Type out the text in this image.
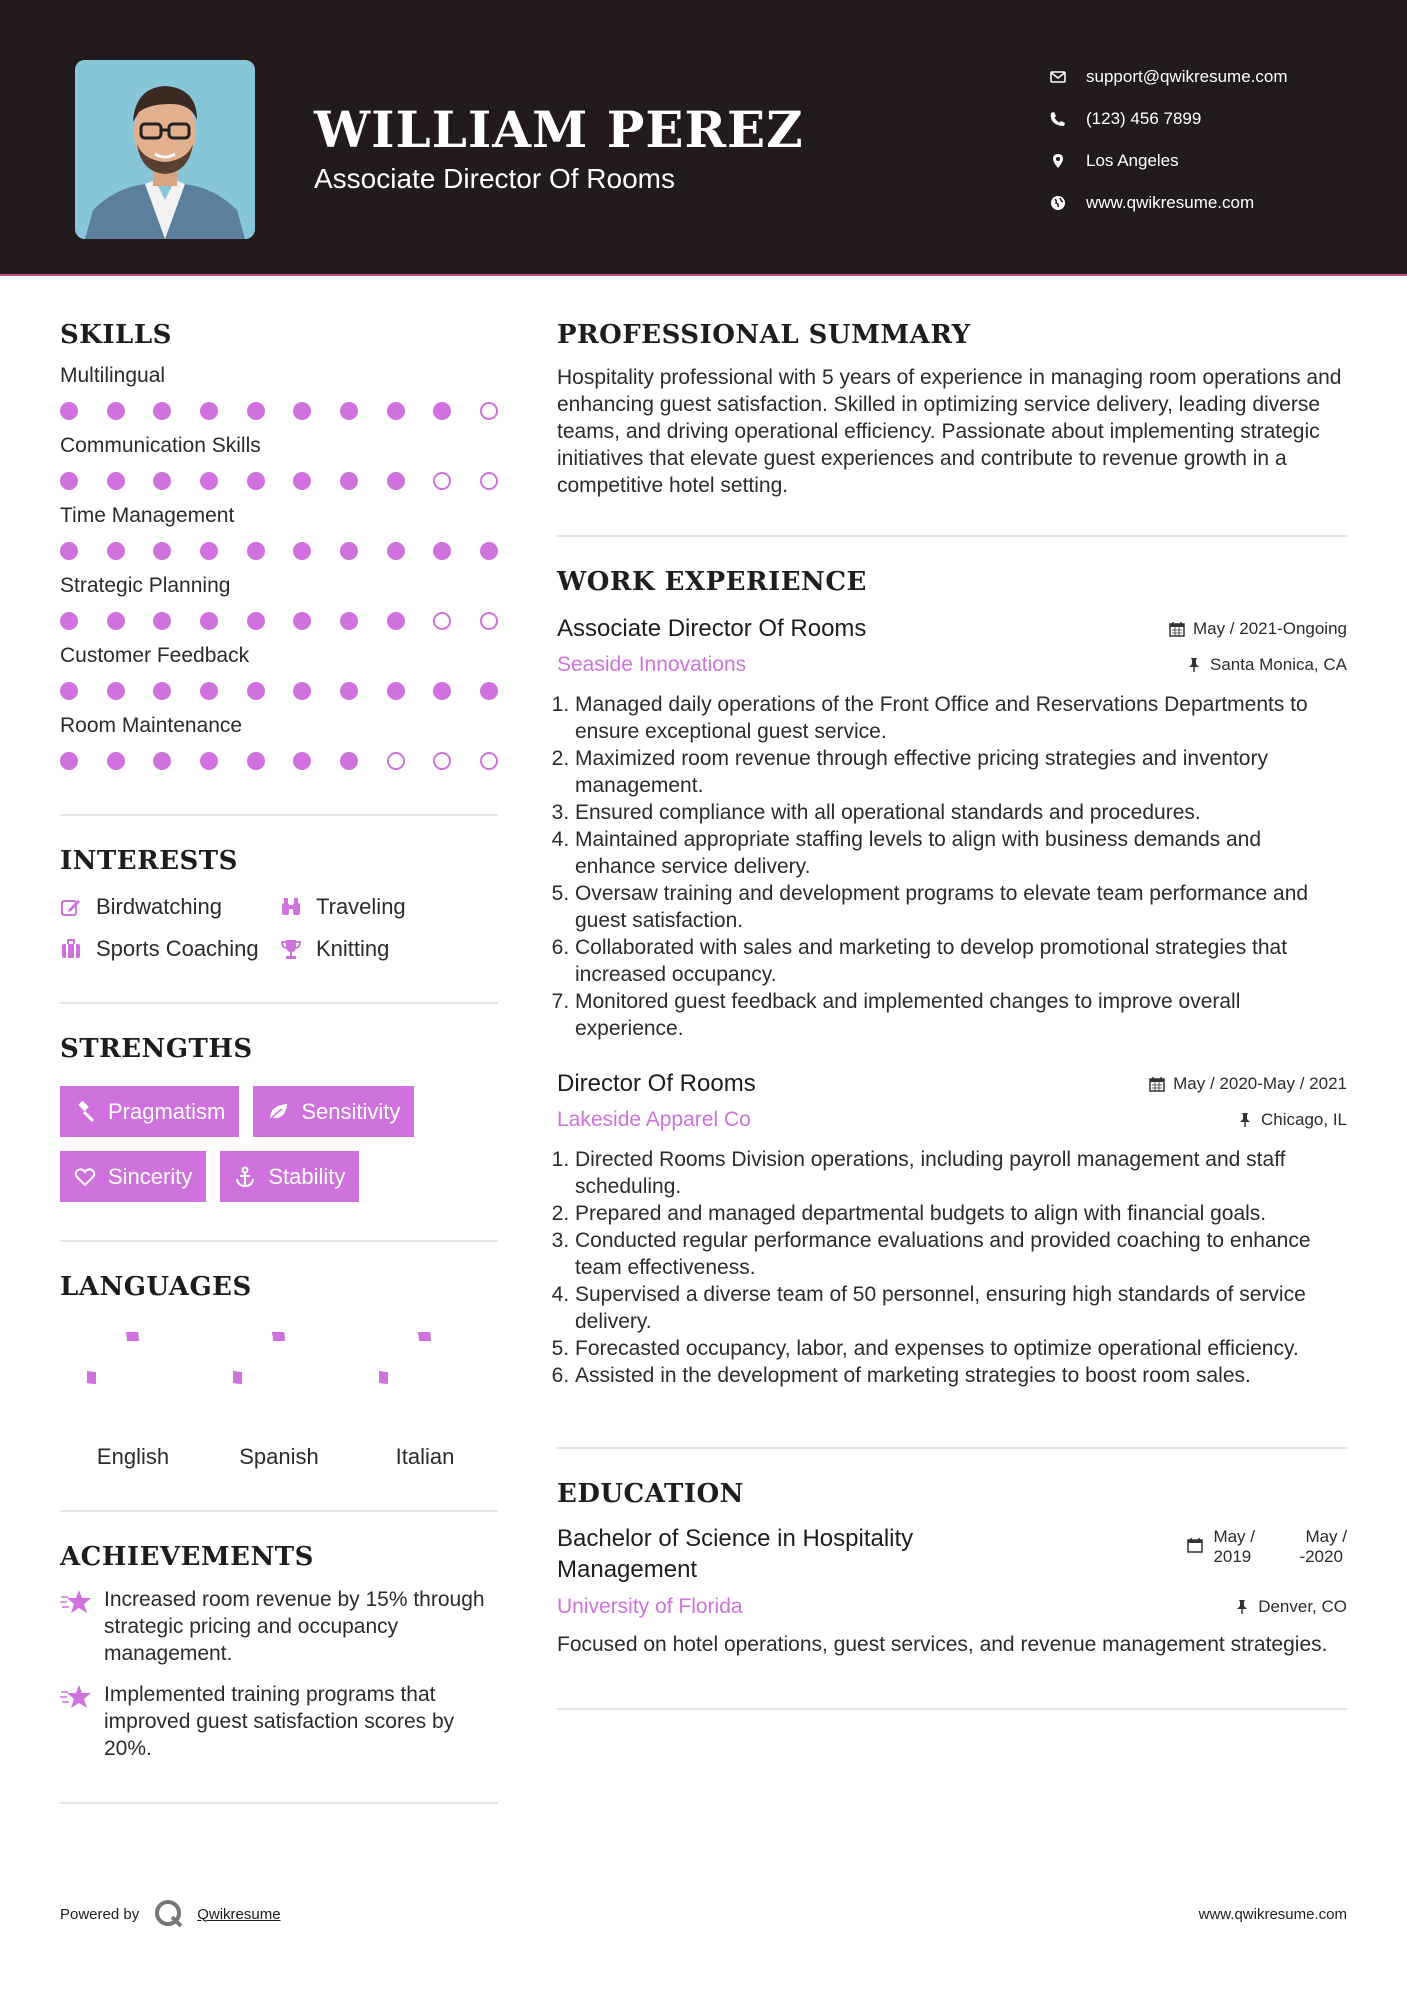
WILLIAM PEREZ
Associate Director Of Rooms
support@qwikresume.com
(123) 456 7899
Los Angeles
www.qwikresume.com
SKILLS
Multilingual
Communication Skills
Time Management
Strategic Planning
Customer Feedback
Room Maintenance
INTERESTS
Birdwatching	Traveling
Sports Coaching	Knitting
STRENGTHS
Pragmatism	Sensitivity
Sincerity	Stability
LANGUAGES
English	Spanish	Italian
ACHIEVEMENTS
Increased room revenue by 15% through strategic pricing and occupancy management.
Implemented training programs that improved guest satisfaction scores by 20%.
PROFESSIONAL SUMMARY
Hospitality professional with 5 years of experience in managing room operations and enhancing guest satisfaction. Skilled in optimizing service delivery, leading diverse teams, and driving operational efficiency. Passionate about implementing strategic initiatives that elevate guest experiences and contribute to revenue growth in a competitive hotel setting.
WORK EXPERIENCE
Associate Director Of Rooms	May / 2021-Ongoing
Seaside Innovations	Santa Monica, CA
1. Managed daily operations of the Front Office and Reservations Departments to ensure exceptional guest service.
2. Maximized room revenue through effective pricing strategies and inventory management.
3. Ensured compliance with all operational standards and procedures.
4. Maintained appropriate staffing levels to align with business demands and enhance service delivery.
5. Oversaw training and development programs to elevate team performance and guest satisfaction.
6. Collaborated with sales and marketing to develop promotional strategies that increased occupancy.
7. Monitored guest feedback and implemented changes to improve overall experience.
Director Of Rooms	May / 2020-May / 2021
Lakeside Apparel Co	Chicago, IL
1. Directed Rooms Division operations, including payroll management and staff scheduling.
2. Prepared and managed departmental budgets to align with financial goals.
3. Conducted regular performance evaluations and provided coaching to enhance team effectiveness.
4. Supervised a diverse team of 50 personnel, ensuring high standards of service delivery.
5. Forecasted occupancy, labor, and expenses to optimize operational efficiency.
6. Assisted in the development of marketing strategies to boost room sales.
EDUCATION
Bachelor of Science in Hospitality Management
May /
2019
May /
-2020
University of Florida	Denver, CO
Focused on hotel operations, guest services, and revenue management strategies.
Powered by	Qwikresume	www.qwikresume.com
